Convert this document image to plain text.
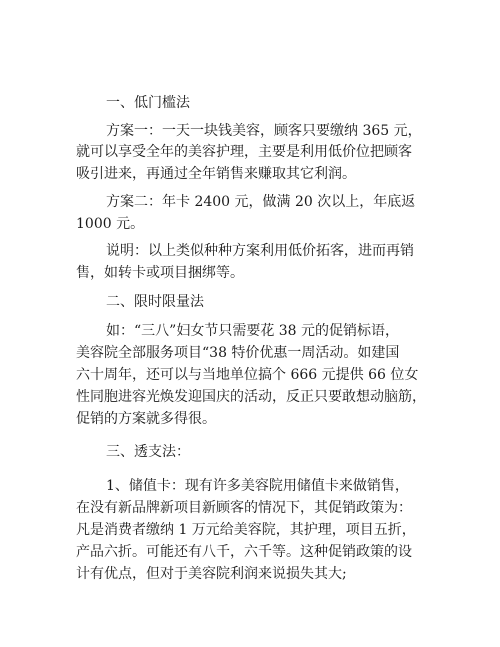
一、低门槛法
方案一：一天一块钱美容，顾客只要缴纳 365 元，
就可以享受全年的美容护理，主要是利用低价位把顾客
吸引进来，再通过全年销售来赚取其它利润。
方案二：年卡 2400 元，做满 20 次以上，年底返
1000 元。
说明：以上类似种种方案利用低价拓客，进而再销
售，如转卡或项目捆绑等。
二、限时限量法
如：“三八”妇女节只需要花 38 元的促销标语，
美容院全部服务项目“38 特价优惠一周活动。如建国
六十周年，还可以与当地单位搞个 666 元提供 66 位女
性同胞进容光焕发迎国庆的活动，反正只要敢想动脑筋，
促销的方案就多得很。
三、透支法：
1、储值卡：现有许多美容院用储值卡来做销售，
在没有新品牌新项目新顾客的情况下，其促销政策为：
凡是消费者缴纳 1 万元给美容院，其护理，项目五折，
产品六折。可能还有八千，六千等。这种促销政策的设
计有优点，但对于美容院利润来说损失其大;
